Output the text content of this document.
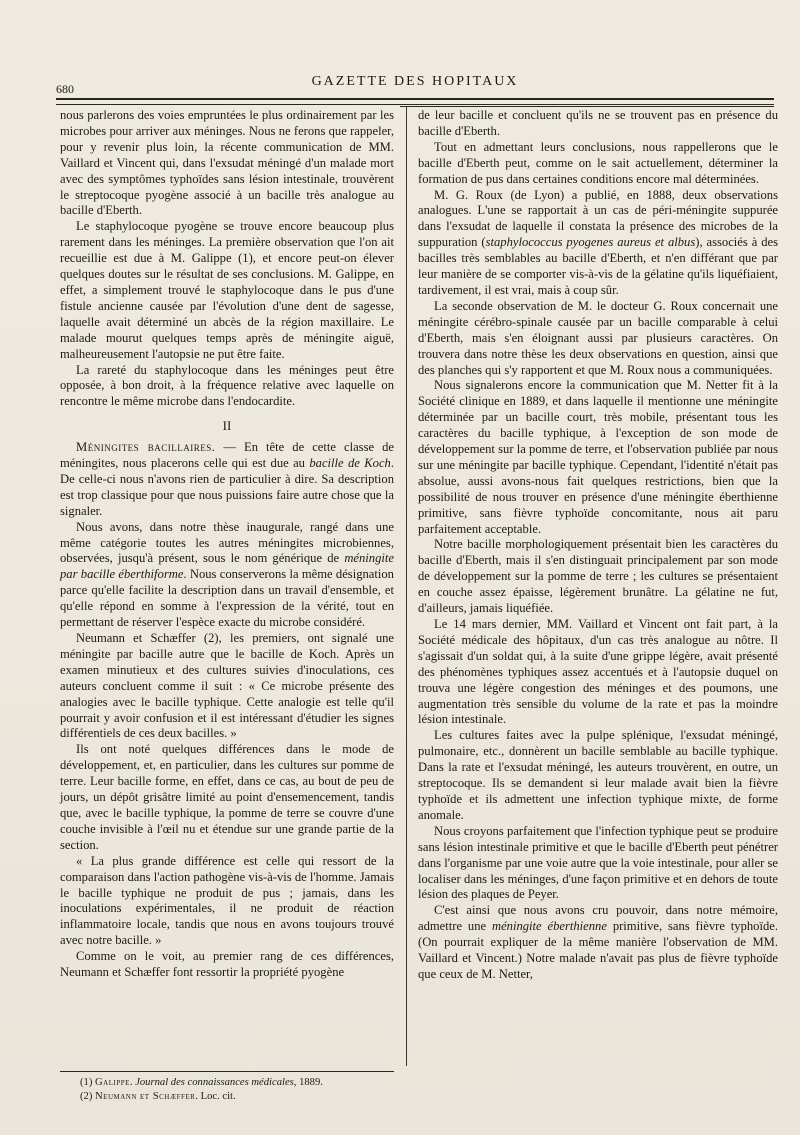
680	GAZETTE DES HOPITAUX

nous parlerons des voies empruntées le plus ordinairement par les microbes pour arriver aux méninges. Nous ne ferons que rappeler, pour y revenir plus loin, la récente communication de MM. Vaillard et Vincent qui, dans l'exsudat méningé d'un malade mort avec des symptômes typhoïdes sans lésion intestinale, trouvèrent le streptocoque pyogène associé à un bacille très analogue au bacille d'Eberth.

Le staphylocoque pyogène se trouve encore beaucoup plus rarement dans les méninges. La première observation que l'on ait recueillie est due à M. Galippe (1), et encore peut-on élever quelques doutes sur le résultat de ses conclusions. M. Galippe, en effet, a simplement trouvé le staphylocoque dans le pus d'une fistule ancienne causée par l'évolution d'une dent de sagesse, laquelle avait déterminé un abcès de la région maxillaire. Le malade mourut quelques temps après de méningite aiguë, malheureusement l'autopsie ne put être faite.

La rareté du staphylocoque dans les méninges peut être opposée, à bon droit, à la fréquence relative avec laquelle on rencontre le même microbe dans l'endocardite.

II

Méningites bacillaires. — En tête de cette classe de méningites, nous placerons celle qui est due au bacille de Koch. De celle-ci nous n'avons rien de particulier à dire. Sa description est trop classique pour que nous puissions faire autre chose que la signaler.

Nous avons, dans notre thèse inaugurale, rangé dans une même catégorie toutes les autres méningites microbiennes, observées, jusqu'à présent, sous le nom générique de méningite par bacille éberthiforme. Nous conserverons la même désignation parce qu'elle facilite la description dans un travail d'ensemble, et qu'elle répond en somme à l'expression de la vérité, tout en permettant de réserver l'espèce exacte du microbe considéré.

Neumann et Schæffer (2), les premiers, ont signalé une méningite par bacille autre que le bacille de Koch. Après un examen minutieux et des cultures suivies d'inoculations, ces auteurs concluent comme il suit : « Ce microbe présente des analogies avec le bacille typhique. Cette analogie est telle qu'il pourrait y avoir confusion et il est intéressant d'étudier les signes différentiels de ces deux bacilles. »

Ils ont noté quelques différences dans le mode de développement, et, en particulier, dans les cultures sur pomme de terre. Leur bacille forme, en effet, dans ce cas, au bout de peu de jours, un dépôt grisâtre limité au point d'ensemencement, tandis que, avec le bacille typhique, la pomme de terre se couvre d'une couche invisible à l'œil nu et étendue sur une grande partie de la section.

« La plus grande différence est celle qui ressort de la comparaison dans l'action pathogène vis-à-vis de l'homme. Jamais le bacille typhique ne produit de pus ; jamais, dans les inoculations expérimentales, il ne produit de réaction inflammatoire locale, tandis que nous en avons toujours trouvé avec notre bacille. »

Comme on le voit, au premier rang de ces différences, Neumann et Schæffer font ressortir la propriété pyogène

de leur bacille et concluent qu'ils ne se trouvent pas en présence du bacille d'Eberth.

Tout en admettant leurs conclusions, nous rappellerons que le bacille d'Eberth peut, comme on le sait actuellement, déterminer la formation de pus dans certaines conditions encore mal déterminées.

M. G. Roux (de Lyon) a publié, en 1888, deux observations analogues. L'une se rapportait à un cas de péri-méningite suppurée dans l'exsudat de laquelle il constata la présence des microbes de la suppuration (staphylococcus pyogenes aureus et albus), associés à des bacilles très semblables au bacille d'Eberth, et n'en différant que par leur manière de se comporter vis-à-vis de la gélatine qu'ils liquéfiaient, tardivement, il est vrai, mais à coup sûr.

La seconde observation de M. le docteur G. Roux concernait une méningite cérébro-spinale causée par un bacille comparable à celui d'Eberth, mais s'en éloignant aussi par plusieurs caractères. On trouvera dans notre thèse les deux observations en question, ainsi que des planches qui s'y rapportent et que M. Roux nous a communiquées.

Nous signalerons encore la communication que M. Netter fit à la Société clinique en 1889, et dans laquelle il mentionne une méningite déterminée par un bacille court, très mobile, présentant tous les caractères du bacille typhique, à l'exception de son mode de développement sur la pomme de terre, et l'observation publiée par nous sur une méningite par bacille typhique. Cependant, l'identité n'était pas absolue, aussi avons-nous fait quelques restrictions, bien que la possibilité de nous trouver en présence d'une méningite éberthienne primitive, sans fièvre typhoïde concomitante, nous ait paru parfaitement acceptable.

Notre bacille morphologiquement présentait bien les caractères du bacille d'Eberth, mais il s'en distinguait principalement par son mode de développement sur la pomme de terre ; les cultures se présentaient en couche assez épaisse, légèrement brunâtre. La gélatine ne fut, d'ailleurs, jamais liquéfiée.

Le 14 mars dernier, MM. Vaillard et Vincent ont fait part, à la Société médicale des hôpitaux, d'un cas très analogue au nôtre. Il s'agissait d'un soldat qui, à la suite d'une grippe légère, avait présenté des phénomènes typhiques assez accentués et à l'autopsie duquel on trouva une légère congestion des méninges et des poumons, une augmentation très sensible du volume de la rate et pas la moindre lésion intestinale.

Les cultures faites avec la pulpe splénique, l'exsudat méningé, pulmonaire, etc., donnèrent un bacille semblable au bacille typhique. Dans la rate et l'exsudat méningé, les auteurs trouvèrent, en outre, un streptocoque. Ils se demandent si leur malade avait bien la fièvre typhoïde et ils admettent une infection typhique mixte, de forme anomale.

Nous croyons parfaitement que l'infection typhique peut se produire sans lésion intestinale primitive et que le bacille d'Eberth peut pénétrer dans l'organisme par une voie autre que la voie intestinale, pour aller se localiser dans les méninges, d'une façon primitive et en dehors de toute lésion des plaques de Peyer.

C'est ainsi que nous avons cru pouvoir, dans notre mémoire, admettre une méningite éberthienne primitive, sans fièvre typhoïde. (On pourrait expliquer de la même manière l'observation de MM. Vaillard et Vincent.) Notre malade n'avait pas plus de fièvre typhoïde que ceux de M. Netter,

(1) Galippe. Journal des connaissances médicales, 1889.
(2) Neumann et Schæffer. Loc. cit.
